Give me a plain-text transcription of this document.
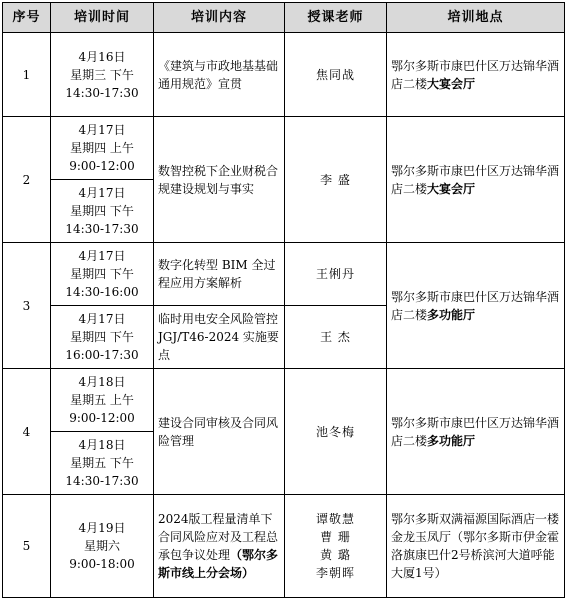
序号	培训时间	培训内容	授课老师	培训地点
1	4月16日
星期三 下午
14:30-17:30	《建筑与市政地基基础通用规范》宣贯	焦同战	鄂尔多斯市康巴什区万达锦华酒店二楼大宴会厅
2	4月17日
星期四 上午
9:00-12:00	数智控税下企业财税合规建设规划与事实	李 盛	鄂尔多斯市康巴什区万达锦华酒店二楼大宴会厅
	4月17日
星期四 下午
14:30-17:30			
3	4月17日
星期四 下午
14:30-16:00	数字化转型 BIM 全过程应用方案解析	王俐丹	鄂尔多斯市康巴什区万达锦华酒店二楼多功能厅
	4月17日
星期四 下午
16:00-17:30	临时用电安全风险管控 JGJ/T46-2024 实施要点	王 杰	
4	4月18日
星期五 上午
9:00-12:00	建设合同审核及合同风险管理	池冬梅	鄂尔多斯市康巴什区万达锦华酒店二楼多功能厅
	4月18日
星期五 下午
14:30-17:30			
5	4月19日
星期六
9:00-18:00	2024版工程量清单下合同风险应对及工程总承包争议处理（鄂尔多斯市线上分会场）	谭敬慧
曹 珊
黄 璐
李朝晖	鄂尔多斯双满福源国际酒店一楼金龙玉凤厅（鄂尔多斯市伊金霍洛旗康巴什2号桥滨河大道呼能大厦1号）
